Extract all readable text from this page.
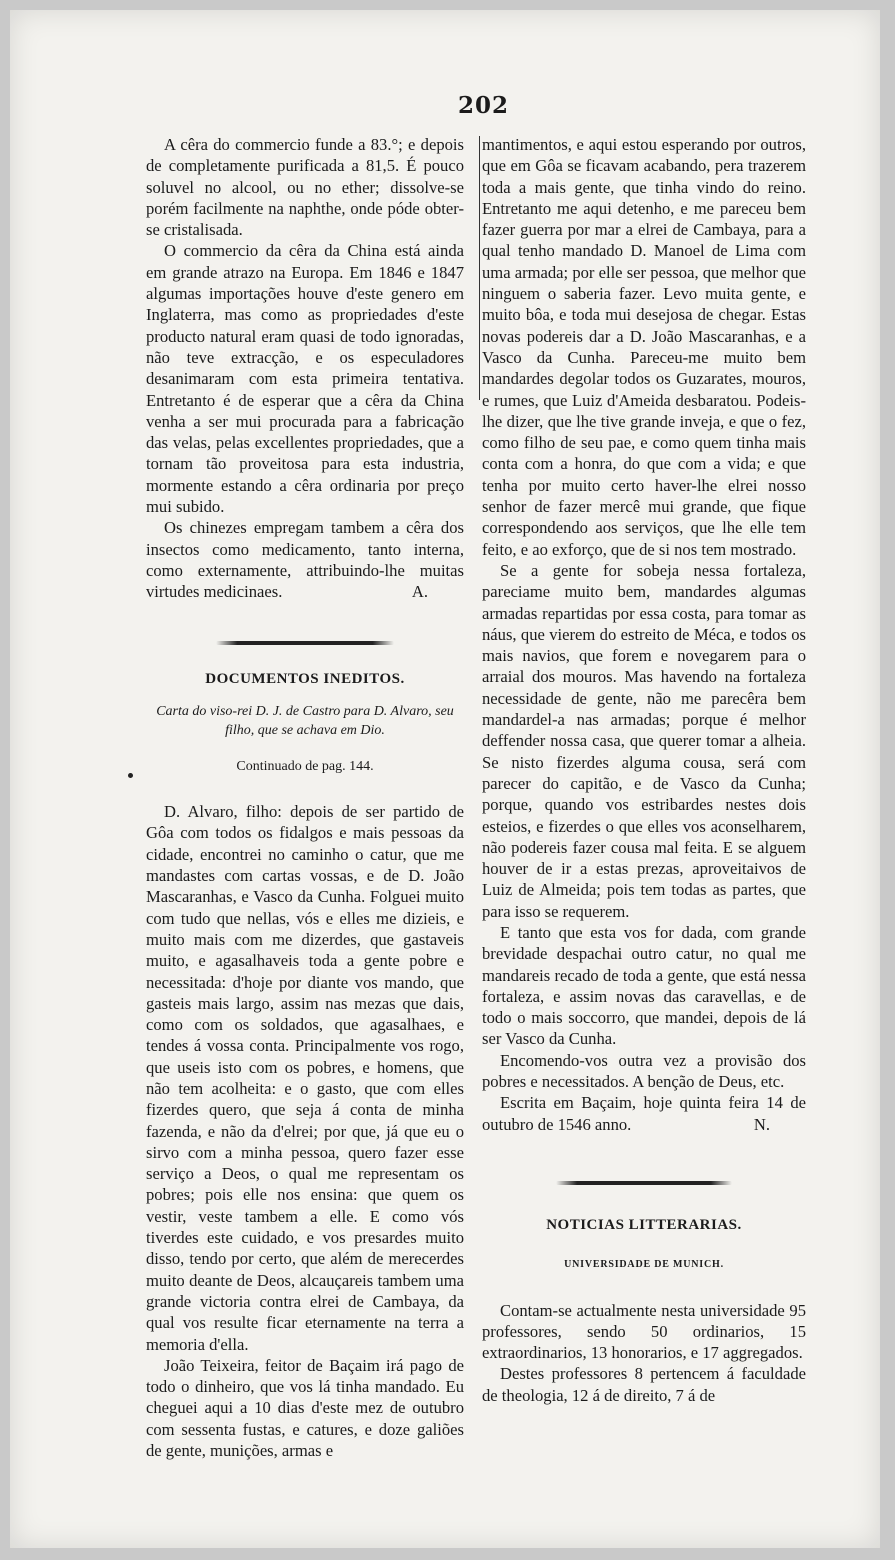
202

A cêra do commercio funde a 83.°; e depois de completamente purificada a 81,5. É pouco soluvel no alcool, ou no ether; dissolve-se porém facilmente na naphthe, onde póde obter-se cristalisada.

O commercio da cêra da China está ainda em grande atrazo na Europa. Em 1846 e 1847 algumas importações houve d'este genero em Inglaterra, mas como as propriedades d'este producto natural eram quasi de todo ignoradas, não teve extracção, e os especuladores desanimaram com esta primeira tentativa. Entretanto é de esperar que a cêra da China venha a ser mui procurada para a fabricação das velas, pelas excellentes propriedades, que a tornam tão proveitosa para esta industria, mormente estando a cêra ordinaria por preço mui subido.

Os chinezes empregam tambem a cêra dos insectos como medicamento, tanto interna, como externamente, attribuindo-lhe muitas virtudes medicinaes.	A.

DOCUMENTOS INEDITOS.
Carta do viso-rei D. J. de Castro para D. Alvaro, seu filho, que se achava em Dio.
Continuado de pag. 144.

D. Alvaro, filho: depois de ser partido de Gôa com todos os fidalgos e mais pessoas da cidade, encontrei no caminho o catur, que me mandastes com cartas vossas, e de D. João Mascaranhas, e Vasco da Cunha. Folguei muito com tudo que nellas, vós e elles me dizieis, e muito mais com me dizerdes, que gastaveis muito, e agasalhaveis toda a gente pobre e necessitada: d'hoje por diante vos mando, que gasteis mais largo, assim nas mezas que dais, como com os soldados, que agasalhaes, e tendes á vossa conta. Principalmente vos rogo, que useis isto com os pobres, e homens, que não tem acolheita: e o gasto, que com elles fizerdes quero, que seja á conta de minha fazenda, e não da d'elrei; por que, já que eu o sirvo com a minha pessoa, quero fazer esse serviço a Deos, o qual me representam os pobres; pois elle nos ensina: que quem os vestir, veste tambem a elle. E como vós tiverdes este cuidado, e vos presardes muito disso, tendo por certo, que além de merecerdes muito deante de Deos, alcauçareis tambem uma grande victoria contra elrei de Cambaya, da qual vos resulte ficar eternamente na terra a memoria d'ella.

João Teixeira, feitor de Baçaim irá pago de todo o dinheiro, que vos lá tinha mandado. Eu cheguei aqui a 10 dias d'este mez de outubro com sessenta fustas, e catures, e doze galiões de gente, munições, armas e

mantimentos, e aqui estou esperando por outros, que em Gôa se ficavam acabando, pera trazerem toda a mais gente, que tinha vindo do reino. Entretanto me aqui detenho, e me pareceu bem fazer guerra por mar a elrei de Cambaya, para a qual tenho mandado D. Manoel de Lima com uma armada; por elle ser pessoa, que melhor que ninguem o saberia fazer. Levo muita gente, e muito bôa, e toda mui desejosa de chegar. Estas novas podereis dar a D. João Mascaranhas, e a Vasco da Cunha. Pareceu-me muito bem mandardes degolar todos os Guzarates, mouros, e rumes, que Luiz d'Ameida desbaratou. Podeis-lhe dizer, que lhe tive grande inveja, e que o fez, como filho de seu pae, e como quem tinha mais conta com a honra, do que com a vida; e que tenha por muito certo haver-lhe elrei nosso senhor de fazer mercê mui grande, que fique correspondendo aos serviços, que lhe elle tem feito, e ao exforço, que de si nos tem mostrado.

Se a gente for sobeja nessa fortaleza, pareciame muito bem, mandardes algumas armadas repartidas por essa costa, para tomar as náus, que vierem do estreito de Méca, e todos os mais navios, que forem e novegarem para o arraial dos mouros. Mas havendo na fortaleza necessidade de gente, não me parecêra bem mandardel-a nas armadas; porque é melhor deffender nossa casa, que querer tomar a alheia. Se nisto fizerdes alguma cousa, será com parecer do capitão, e de Vasco da Cunha; porque, quando vos estribardes nestes dois esteios, e fizerdes o que elles vos aconselharem, não podereis fazer cousa mal feita. E se alguem houver de ir a estas prezas, aproveitaivos de Luiz de Almeida; pois tem todas as partes, que para isso se requerem.

E tanto que esta vos for dada, com grande brevidade despachai outro catur, no qual me mandareis recado de toda a gente, que está nessa fortaleza, e assim novas das caravellas, e de todo o mais soccorro, que mandei, depois de lá ser Vasco da Cunha.

Encomendo-vos outra vez a provisão dos pobres e necessitados. A benção de Deus, etc.

Escrita em Baçaim, hoje quinta feira 14 de outubro de 1546 anno.	N.

NOTICIAS LITTERARIAS.
UNIVERSIDADE DE MUNICH.

Contam-se actualmente nesta universidade 95 professores, sendo 50 ordinarios, 15 extraordinarios, 13 honorarios, e 17 aggregados.

Destes professores 8 pertencem á faculdade de theologia, 12 á de direito, 7 á de
